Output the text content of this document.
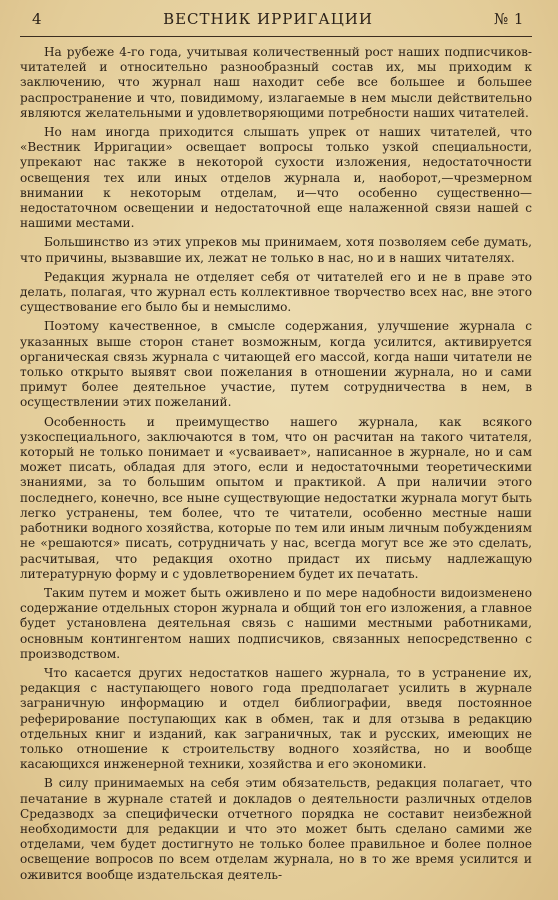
4	ВЕСТНИК ИРРИГАЦИИ	№ 1

На рубеже 4-го года, учитывая количественный рост наших подписчиков-читателей и относительно разнообразный состав их, мы приходим к заключению, что журнал наш находит себе все большее и большее распространение и что, повидимому, излагаемые в нем мысли действительно являются желательными и удовлетворяющими потребности наших читателей.

Но нам иногда приходится слышать упрек от наших читателей, что «Вестник Ирригации» освещает вопросы только узкой специальности, упрекают нас также в некоторой сухости изложения, недостаточности освещения тех или иных отделов журнала и, наоборот,—чрезмерном внимании к некоторым отделам, и—что особенно существенно—недостаточном освещении и недостаточной еще налаженной связи нашей с нашими местами.

Большинство из этих упреков мы принимаем, хотя позволяем себе думать, что причины, вызвавшие их, лежат не только в нас, но и в наших читателях.

Редакция журнала не отделяет себя от читателей его и не в праве это делать, полагая, что журнал есть коллективное творчество всех нас, вне этого существование его было бы и немыслимо.

Поэтому качественное, в смысле содержания, улучшение журнала с указанных выше сторон станет возможным, когда усилится, активируется органическая связь журнала с читающей его массой, когда наши читатели не только открыто выявят свои пожелания в отношении журнала, но и сами примут более деятельное участие, путем сотрудничества в нем, в осуществлении этих пожеланий.

Особенность и преимущество нашего журнала, как всякого узкоспециального, заключаются в том, что он расчитан на такого читателя, который не только понимает и «усваивает», написанное в журнале, но и сам может писать, обладая для этого, если и недостаточными теоретическими знаниями, за то большим опытом и практикой. А при наличии этого последнего, конечно, все ныне существующие недостатки журнала могут быть легко устранены, тем более, что те читатели, особенно местные наши работники водного хозяйства, которые по тем или иным личным побуждениям не «решаются» писать, сотрудничать у нас, всегда могут все же это сделать, расчитывая, что редакция охотно придаст их письму надлежащую литературную форму и с удовлетворением будет их печатать.

Таким путем и может быть оживлено и по мере надобности видоизменено содержание отдельных сторон журнала и общий тон его изложения, а главное будет установлена деятельная связь с нашими местными работниками, основным контингентом наших подписчиков, связанных непосредственно с производством.

Что касается других недостатков нашего журнала, то в устранение их, редакция с наступающего нового года предполагает усилить в журнале заграничную информацию и отдел библиографии, введя постоянное реферирование поступающих как в обмен, так и для отзыва в редакцию отдельных книг и изданий, как заграничных, так и русских, имеющих не только отношение к строительству водного хозяйства, но и вообще касающихся инженерной техники, хозяйства и его экономики.

В силу принимаемых на себя этим обязательств, редакция полагает, что печатание в журнале статей и докладов о деятельности различных отделов Средазводх за специфически отчетного порядка не составит неизбежной необходимости для редакции и что это может быть сделано самими же отделами, чем будет достигнуто не только более правильное и более полное освещение вопросов по всем отделам журнала, но в то же время усилится и оживится вообще издательская деятель-
